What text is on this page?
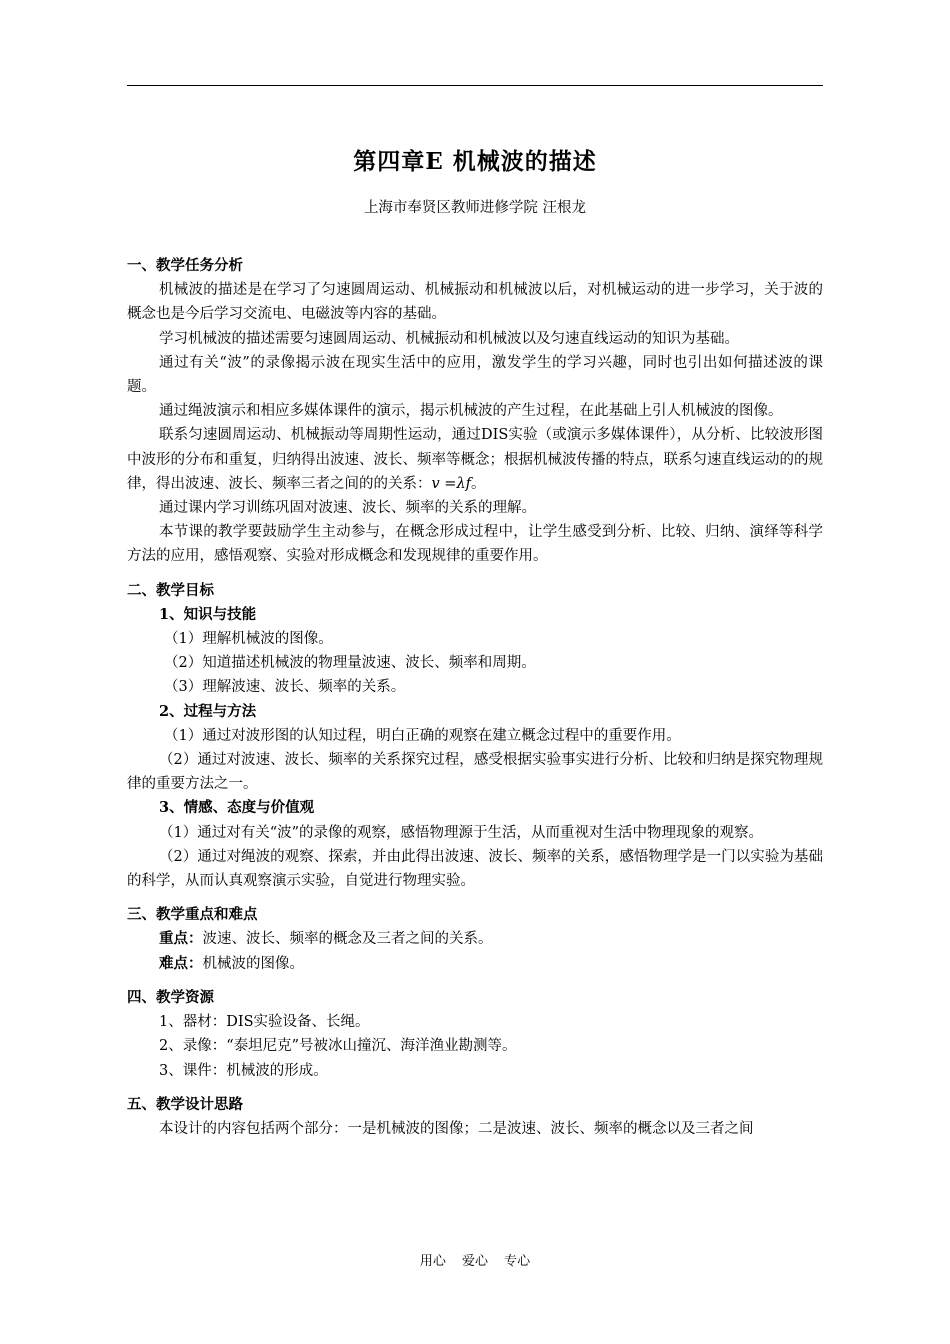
第四章E 机械波的描述
上海市奉贤区教师进修学院 汪根龙
一、教学任务分析
机械波的描述是在学习了匀速圆周运动、机械振动和机械波以后，对机械运动的进一步学习，关于波的概念也是今后学习交流电、电磁波等内容的基础。
学习机械波的描述需要匀速圆周运动、机械振动和机械波以及匀速直线运动的知识为基础。
通过有关“波”的录像揭示波在现实生活中的应用，激发学生的学习兴趣，同时也引出如何描述波的课题。
通过绳波演示和相应多媒体课件的演示，揭示机械波的产生过程，在此基础上引人机械波的图像。
联系匀速圆周运动、机械振动等周期性运动，通过DIS实验（或演示多媒体课件），从分析、比较波形图中波形的分布和重复，归纳得出波速、波长、频率等概念；根据机械波传播的特点，联系匀速直线运动的的规律，得出波速、波长、频率三者之间的的关系：v =λf。
通过课内学习训练巩固对波速、波长、频率的关系的理解。
本节课的教学要鼓励学生主动参与，在概念形成过程中，让学生感受到分析、比较、归纳、演绎等科学方法的应用，感悟观察、实验对形成概念和发现规律的重要作用。
二、教学目标
1、知识与技能
（1）理解机械波的图像。
（2）知道描述机械波的物理量波速、波长、频率和周期。
（3）理解波速、波长、频率的关系。
2、过程与方法
（1）通过对波形图的认知过程，明白正确的观察在建立概念过程中的重要作用。
（2）通过对波速、波长、频率的关系探究过程，感受根据实验事实进行分析、比较和归纳是探究物理规律的重要方法之一。
3、情感、态度与价值观
（1）通过对有关“波”的录像的观察，感悟物理源于生活，从而重视对生活中物理现象的观察。
（2）通过对绳波的观察、探索，并由此得出波速、波长、频率的关系，感悟物理学是一门以实验为基础的科学，从而认真观察演示实验，自觉进行物理实验。
三、教学重点和难点
重点：波速、波长、频率的概念及三者之间的关系。
难点：机械波的图像。
四、教学资源
1、器材：DIS实验设备、长绳。
2、录像：“泰坦尼克”号被冰山撞沉、海洋渔业勘测等。
3、课件：机械波的形成。
五、教学设计思路
本设计的内容包括两个部分：一是机械波的图像；二是波速、波长、频率的概念以及三者之间
用心 爱心 专心
